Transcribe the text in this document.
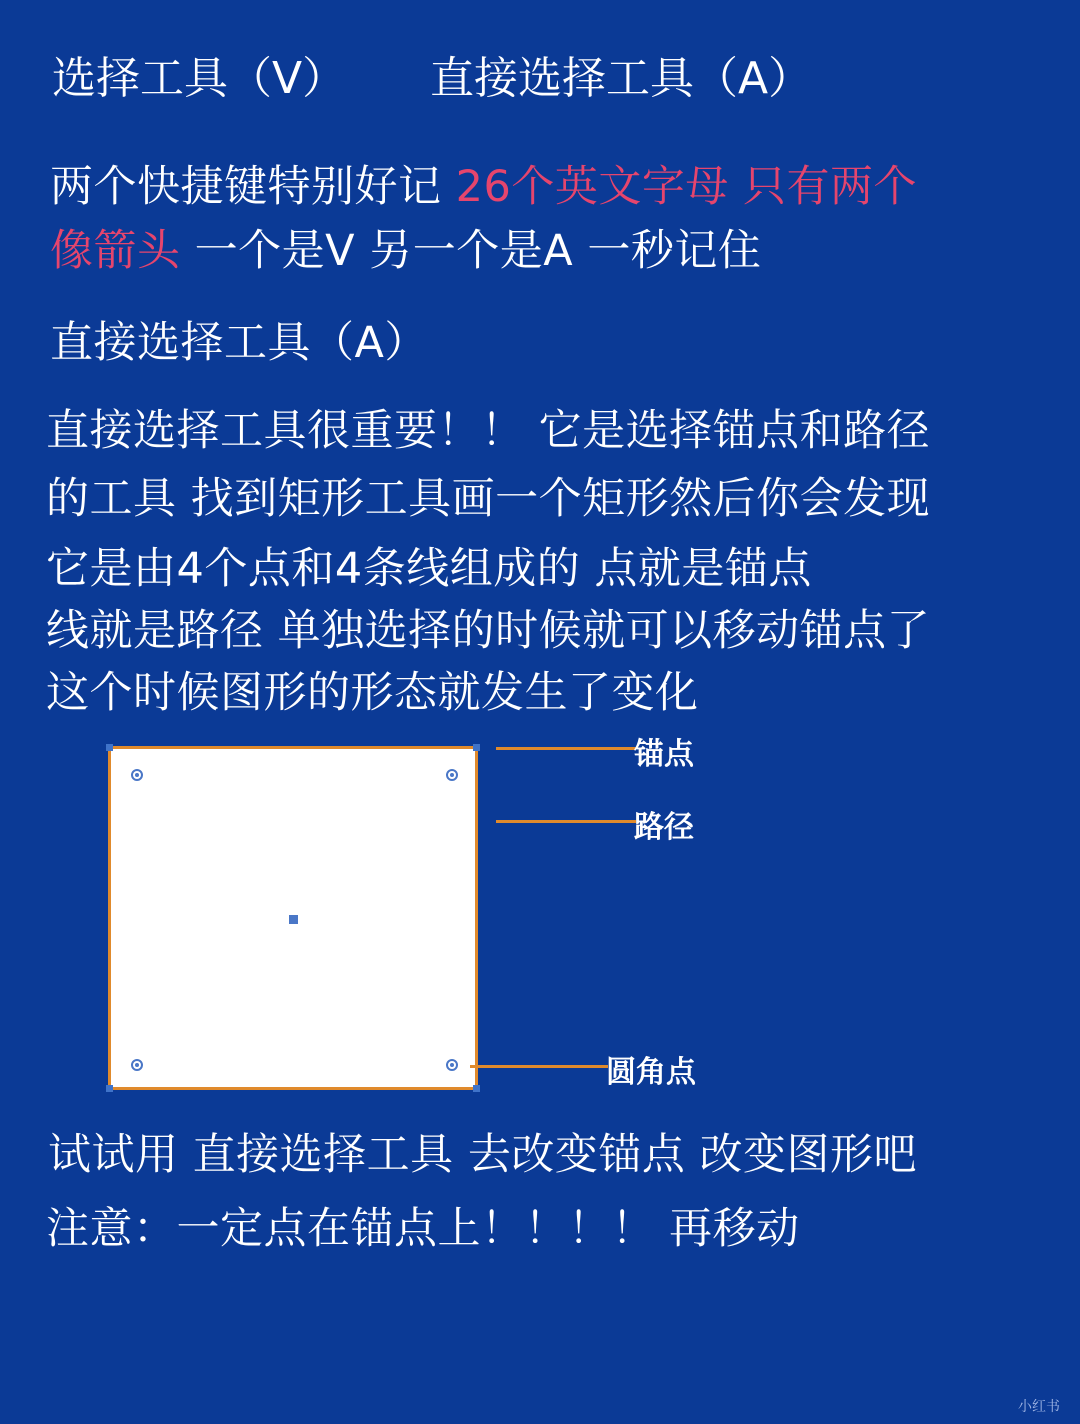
选择工具（V） 直接选择工具（A）
两个快捷键特别好记 26个英文字母 只有两个
像箭头 一个是V 另一个是A 一秒记住
直接选择工具（A）
直接选择工具很重要！！ 它是选择锚点和路径
的工具 找到矩形工具画一个矩形然后你会发现
它是由4个点和4条线组成的 点就是锚点
线就是路径 单独选择的时候就可以移动锚点了
这个时候图形的形态就发生了变化
锚点
路径
圆角点
试试用 直接选择工具 去改变锚点 改变图形吧
注意：一定点在锚点上！！！！ 再移动
小红书
